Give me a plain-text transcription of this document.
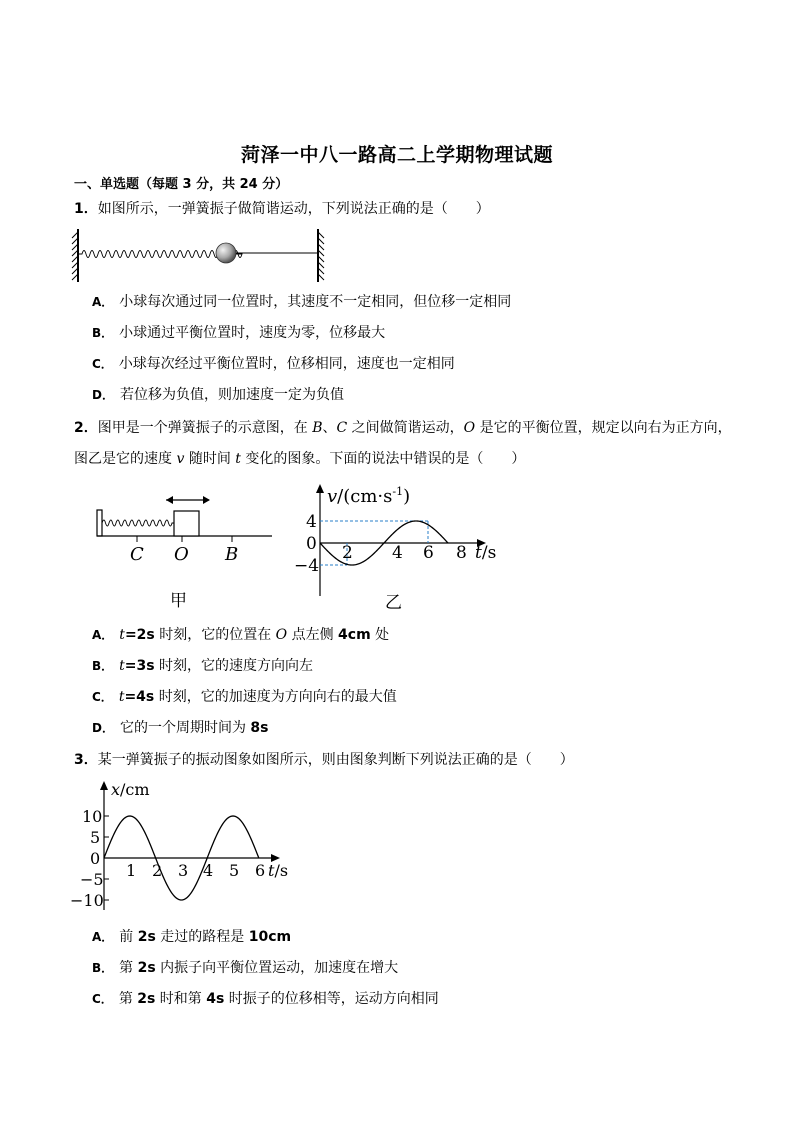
菏泽一中八一路高二上学期物理试题
一、单选题（每题 3 分，共 24 分）
1．如图所示，一弹簧振子做简谐运动，下列说法正确的是（　　）
A． 小球每次通过同一位置时，其速度不一定相同，但位移一定相同
B． 小球通过平衡位置时，速度为零，位移最大
C． 小球每次经过平衡位置时，位移相同，速度也一定相同
D． 若位移为负值，则加速度一定为负值
2．图甲是一个弹簧振子的示意图，在 B、C 之间做简谐运动，O 是它的平衡位置，规定以向右为正方向，
图乙是它的速度 v 随时间 t 变化的图象。下面的说法中错误的是（　　）
C O B
甲
$v/(cm\cdot s^{-1})$
4
0
−4
2 4 6 8 t/s
乙
A． t=2s 时刻，它的位置在 O 点左侧 4cm 处
B． t=3s 时刻，它的速度方向向左
C． t=4s 时刻，它的加速度为方向向右的最大值
D． 它的一个周期时间为 8s
3．某一弹簧振子的振动图象如图所示，则由图象判断下列说法正确的是（　　）
x/cm
10
5
0
−5
−10
1 2 3 4 5 6 t/s
A． 前 2s 走过的路程是 10cm
B． 第 2s 内振子向平衡位置运动，加速度在增大
C． 第 2s 时和第 4s 时振子的位移相等，运动方向相同
